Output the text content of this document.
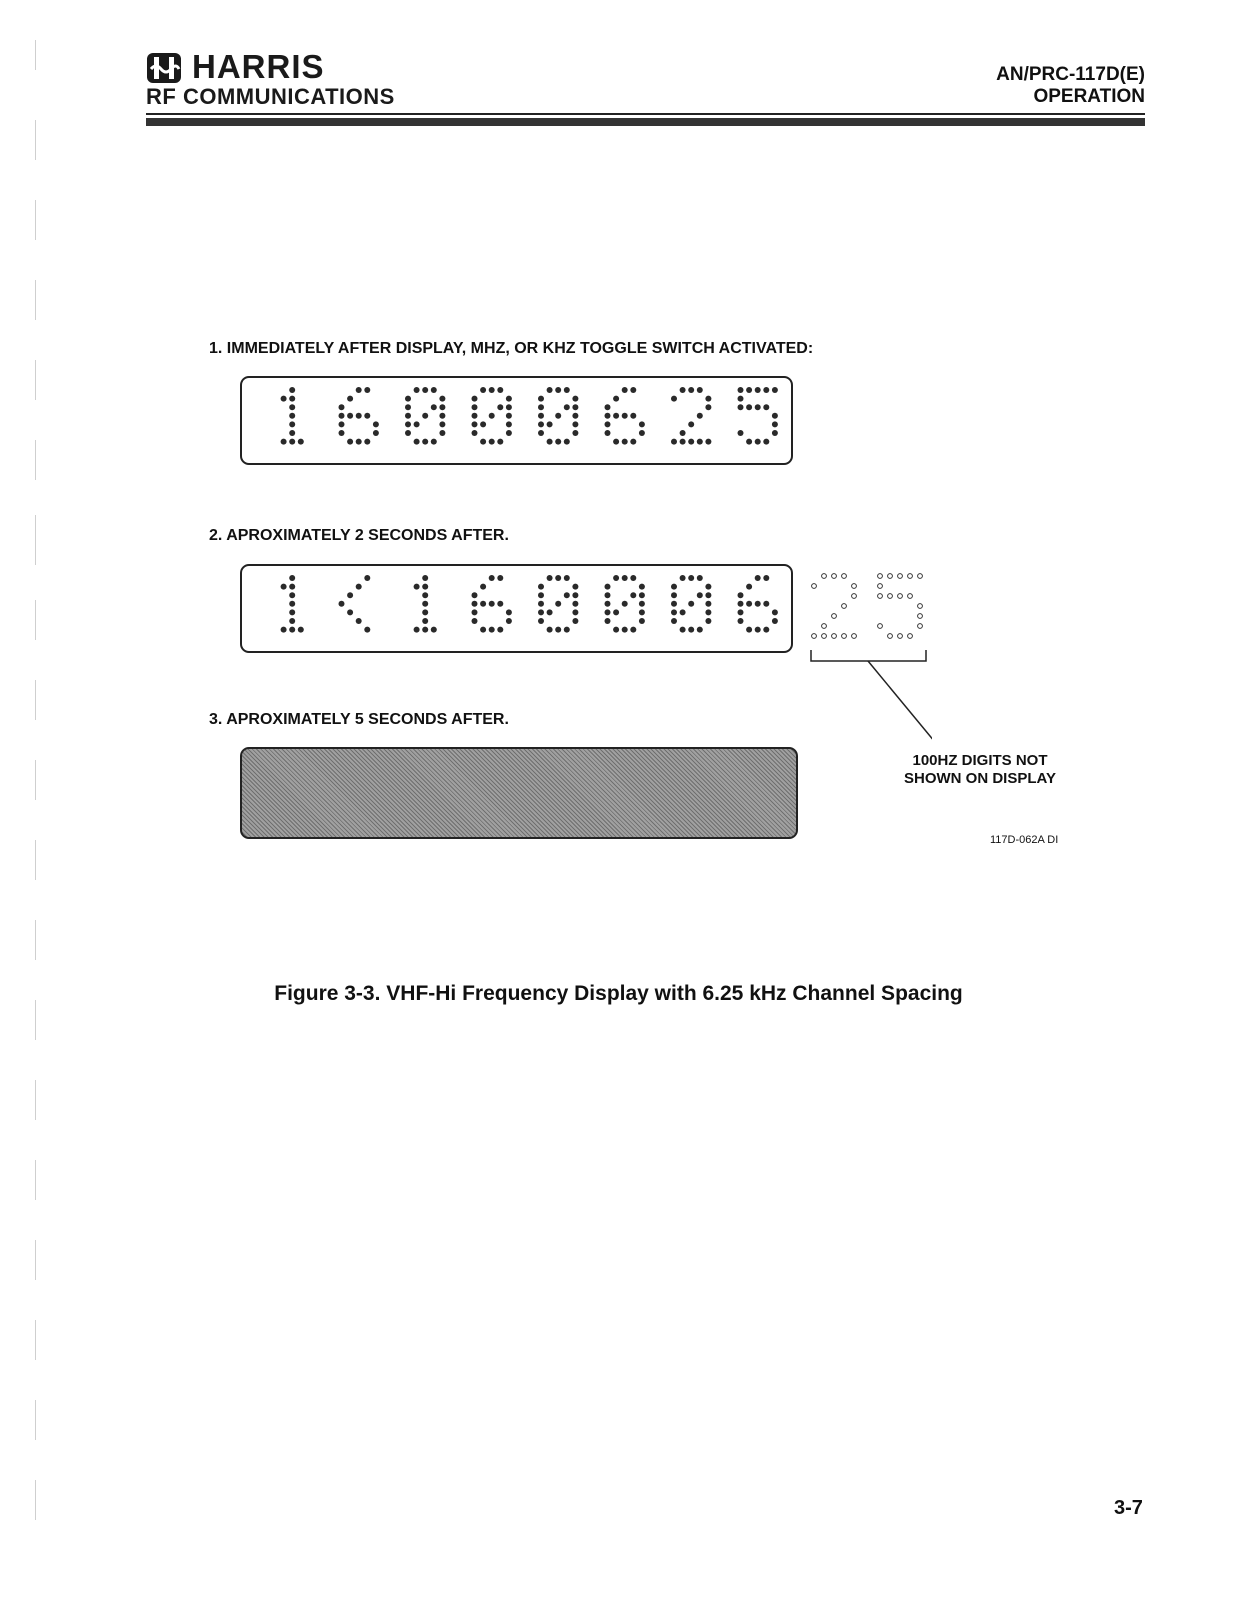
HARRIS
RF COMMUNICATIONS
AN/PRC-117D(E)
OPERATION
1. IMMEDIATELY AFTER DISPLAY, MHZ, OR KHZ TOGGLE SWITCH ACTIVATED:
2. APROXIMATELY 2 SECONDS AFTER.
3. APROXIMATELY 5 SECONDS AFTER.
100HZ DIGITS NOT
SHOWN ON DISPLAY
117D-062A DI
Figure 3-3. VHF-Hi Frequency Display with 6.25 kHz Channel Spacing
3-7
